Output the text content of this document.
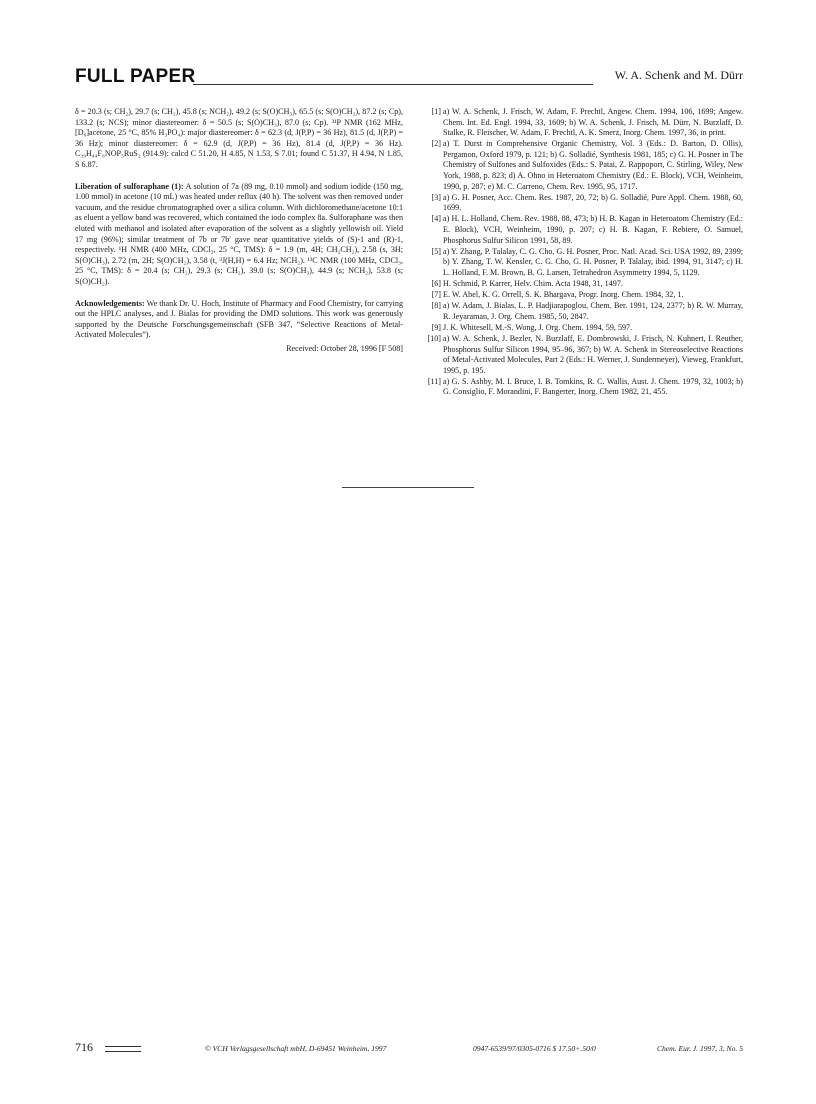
FULL PAPER	W. A. Schenk and M. Dürr

δ = 20.3 (s; CH₂), 29.7 (s; CH₂), 45.8 (s; NCH₂), 49.2 (s; S(O)CH₃), 65.5 (s; S(O)CH₂), 87.2 (s; Cp), 133.2 (s; NCS); minor diastereomer: δ = 50.5 (s; S(O)CH₃), 87.0 (s; Cp). ³¹P NMR (162 MHz, [D₆]acetone, 25 °C, 85% H₃PO₄): major diastereomer: δ = 62.3 (d, J(P,P) = 36 Hz), 81.5 (d, J(P,P) = 36 Hz); minor diastereomer: δ = 62.9 (d, J(P,P) = 36 Hz), 81.4 (d, J(P,P) = 36 Hz). C₃₉H₄₄F₆NOP₃RuS₂ (914.9): calcd C 51.20, H 4.85, N 1.53, S 7.01; found C 51.37, H 4.94, N 1.85, S 6.87.

Liberation of sulforaphane (1): A solution of 7a (89 mg, 0.10 mmol) and sodium iodide (150 mg, 1.00 mmol) in acetone (10 mL) was heated under reflux (40 h). The solvent was then removed under vacuum, and the residue chromatographed over a silica column. With dichloromethane/acetone 10:1 as eluent a yellow band was recovered, which contained the iodo complex 8a. Sulforaphane was then eluted with methanol and isolated after evaporation of the solvent as a slightly yellowish oil. Yield 17 mg (96%); similar treatment of 7b or 7b′ gave near quantitative yields of (S)-1 and (R)-1, respectively. ¹H NMR (400 MHz, CDCl₃, 25 °C, TMS): δ = 1.9 (m, 4H; CH₂CH₂), 2.58 (s, 3H; S(O)CH₃), 2.72 (m, 2H; S(O)CH₂), 3.58 (t, ³J(H,H) = 6.4 Hz; NCH₂). ¹³C NMR (100 MHz, CDCl₃, 25 °C, TMS): δ = 20.4 (s; CH₂), 29.3 (s; CH₂), 39.0 (s; S(O)CH₃), 44.9 (s; NCH₂), 53.8 (s; S(O)CH₂).

Acknowledgements: We thank Dr. U. Hoch, Institute of Pharmacy and Food Chemistry, for carrying out the HPLC analyses, and J. Bialas for providing the DMD solutions. This work was generously supported by the Deutsche Forschungsgemeinschaft (SFB 347, “Selective Reactions of Metal-Activated Molecules”).

Received: October 28, 1996 [F 508]
[1] a) W. A. Schenk, J. Frisch, W. Adam, F. Prechtl, Angew. Chem. 1994, 106, 1699; Angew. Chem. Int. Ed. Engl. 1994, 33, 1609; b) W. A. Schenk, J. Frisch, M. Dürr, N. Burzlaff, D. Stalke, R. Fleischer, W. Adam, F. Prechtl, A. K. Smerz, Inorg. Chem. 1997, 36, in print.
[2] a) T. Durst in Comprehensive Organic Chemistry, Vol. 3 (Eds.: D. Barton, D. Ollis), Pergamon, Oxford 1979, p. 121; b) G. Solladié, Synthesis 1981, 185; c) G. H. Posner in The Chemistry of Sulfones and Sulfoxides (Eds.: S. Patai, Z. Rappoport, C. Stirling, Wiley, New York, 1988, p. 823; d) A. Ohno in Heteroatom Chemistry (Ed.: E. Block), VCH, Weinheim, 1990, p. 287; e) M. C. Carreno, Chem. Rev. 1995, 95, 1717.
[3] a) G. H. Posner, Acc. Chem. Res. 1987, 20, 72; b) G. Solladié, Pure Appl. Chem. 1988, 60, 1699.
[4] a) H. L. Holland, Chem. Rev. 1988, 88, 473; b) H. B. Kagan in Heteroatom Chemistry (Ed.: E. Block), VCH, Weinheim, 1990, p. 207; c) H. B. Kagan, F. Rebiere, O. Samuel, Phosphorus Sulfur Silicon 1991, 58, 89.
[5] a) Y. Zhang, P. Talalay, C. G. Cho, G. H. Posner, Proc. Natl. Acad. Sci. USA 1992, 89, 2399; b) Y. Zhang, T. W. Kensler, C. G. Cho, G. H. Posner, P. Talalay, ibid. 1994, 91, 3147; c) H. L. Holland, F. M. Brown, B. G. Larsen, Tetrahedron Asymmetry 1994, 5, 1129.
[6] H. Schmid, P. Karrer, Helv. Chim. Acta 1948, 31, 1497.
[7] E. W. Abel, K. G. Orrell, S. K. Bhargava, Progr. Inorg. Chem. 1984, 32, 1.
[8] a) W. Adam, J. Bialas, L. P. Hadjiarapoglou, Chem. Ber. 1991, 124, 2377; b) R. W. Murray, R. Jeyaraman, J. Org. Chem. 1985, 50, 2847.
[9] J. K. Whitesell, M.-S. Wong, J. Org. Chem. 1994, 59, 597.
[10] a) W. A. Schenk, J. Bezler, N. Burzlaff, E. Dombrowski, J. Frisch, N. Kuhnert, I. Reuther, Phosphorus Sulfur Silicon 1994, 95–96, 367; b) W. A. Schenk in Stereoselective Reactions of Metal-Activated Molecules, Part 2 (Eds.: H. Werner, J. Sundermeyer), Vieweg, Frankfurt, 1995, p. 195.
[11] a) G. S. Ashby, M. I. Bruce, I. B. Tomkins, R. C. Wallis, Aust. J. Chem. 1979, 32, 1003; b) G. Consiglio, F. Morandini, F. Bangerter, Inorg. Chem 1982, 21, 455.
716	© VCH Verlagsgesellschaft mbH, D-69451 Weinheim, 1997	0947-6539/97/0305-0716 $ 17.50+.50/0	Chem. Eur. J. 1997, 3, No. 5
